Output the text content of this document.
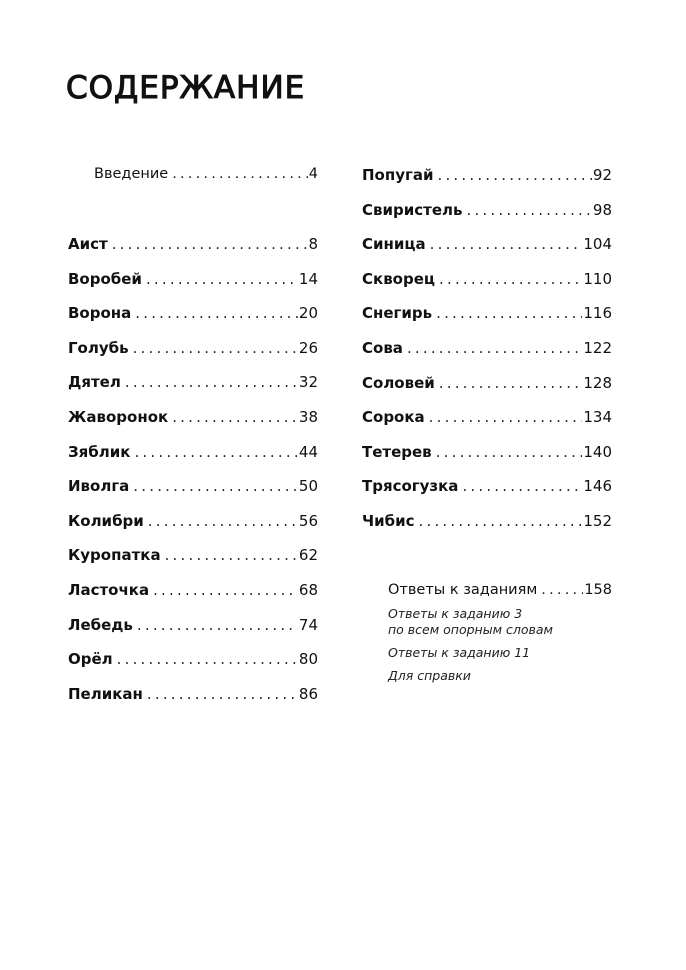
СОДЕРЖАНИЕ
Введение .....	4
Аист .....	8
Воробей .....	14
Ворона .....	20
Голубь .....	26
Дятел .....	32
Жаворонок .....	38
Зяблик .....	44
Иволга .....	50
Колибри .....	56
Куропатка .....	62
Ласточка .....	68
Лебедь .....	74
Орёл .....	80
Пеликан .....	86
Попугай .....	92
Свиристель .....	98
Синица .....	104
Скворец .....	110
Снегирь .....	116
Сова .....	122
Соловей .....	128
Сорока .....	134
Тетерев .....	140
Трясогузка .....	146
Чибис .....	152
Ответы к заданиям .....	158
Ответы к заданию 3
по всем опорным словам
Ответы к заданию 11
Для справки
